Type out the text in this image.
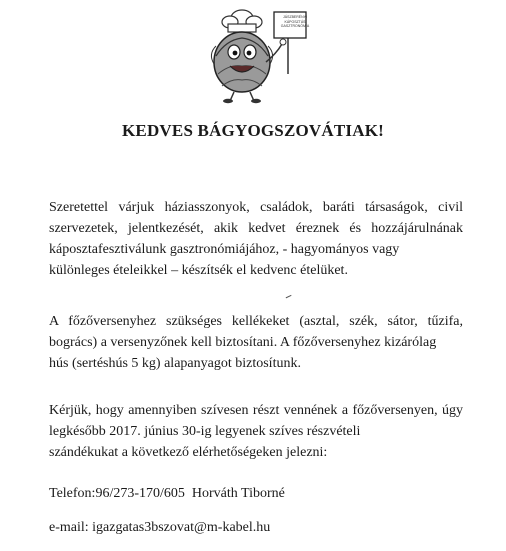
JÁSZBERÉNYI
KÁPOSZTÁS
GASZTRONÓMIA
KEDVES BÁGYOGSZOVÁTIAK!

Szeretettel várjuk háziasszonyok, családok, baráti társaságok, civil szervezetek, jelentkezését, akik kedvet éreznek és hozzájárulnának káposztafesztiválunk gasztronómiájához, - hagyományos vagy
különleges ételeikkel – készítsék el kedvenc ételüket.

A főzőversenyhez szükséges kellékeket (asztal, szék, sátor, tűzifa, bogrács) a versenyzőnek kell biztosítani. A főzőversenyhez kizárólag
hús (sertéshús 5 kg) alapanyagot biztosítunk.

Kérjük, hogy amennyiben szívesen részt vennének a főzőversenyen, úgy legkésőbb 2017. június 30-ig legyenek szíves részvételi
szándékukat a következő elérhetőségeken jelezni:

Telefon:96/273-170/605  Horváth Tiborné

e-mail: igazgatas3bszovat@m-kabel.hu
